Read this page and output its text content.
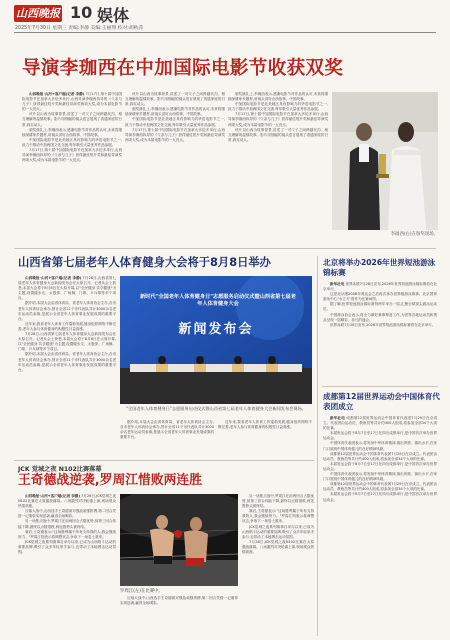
山西晚报 10 娱体
2025年7月30日 星期三 责编:李静 美编:王丽翔 校对:胡秋萍
导演李珈西在中加国际电影节收获双奖

山西晚报·山河+客户端(记者 李静) 7月17日,第十届中加国际电影节在加拿大多伦多举行,山西导演李珈西执导的《父亲与儿子》获得最佳短片奖和最佳导演奖两项大奖,成为本届电影节的一大亮点。

该片以山西为故事背景,讲述了一对父子之间跨越代沟、相互理解的温情故事。影片用细腻的镜头语言展现了普通家庭的日常,真实动人。

颁奖典礼上,李珈西表示,感谢电影节对作品的认可,未来将继续深耕家乡题材,用镜头讲好山西故事、中国故事。

中加国际电影节是北美地区具有影响力的华语电影节之一,致力于推动中加两国文化交流,每年吸引大量优秀作品参展。

7月17日,第十届中加国际电影节在加拿大多伦多举行,山西导演李珈西执导的《父亲与儿子》获得最佳短片奖和最佳导演奖两项大奖,成为本届电影节的一大亮点。

该片以山西为故事背景,讲述了一对父子之间跨越代沟、相互理解的温情故事。影片用细腻的镜头语言展现了普通家庭的日常,真实动人。

颁奖典礼上,李珈西表示,感谢电影节对作品的认可,未来将继续深耕家乡题材,用镜头讲好山西故事、中国故事。

中加国际电影节是北美地区具有影响力的华语电影节之一,致力于推动中加两国文化交流,每年吸引大量优秀作品参展。

7月17日,第十届中加国际电影节在加拿大多伦多举行,山西导演李珈西执导的《父亲与儿子》获得最佳短片奖和最佳导演奖两项大奖,成为本届电影节的一大亮点。

颁奖典礼上,李珈西表示,感谢电影节对作品的认可,未来将继续深耕家乡题材,用镜头讲好山西故事、中国故事。

中加国际电影节是北美地区具有影响力的华语电影节之一,致力于推动中加两国文化交流,每年吸引大量优秀作品参展。

7月17日,第十届中加国际电影节在加拿大多伦多举行,山西导演李珈西执导的《父亲与儿子》获得最佳短片奖和最佳导演奖两项大奖,成为本届电影节的一大亮点。

该片以山西为故事背景,讲述了一对父子之间跨越代沟、相互理解的温情故事。影片用细腻的镜头语言展现了普通家庭的日常,真实动人。

李珈西(右)在颁奖现场。
山西省第七届老年人体育健身大会将于8月8日举办

山西晚报·山河+客户端(记者 李静) 7月28日,山西省第七届老年人体育健身大会新闻发布会在太原召开。记者从会上获悉,本届大会将于8月8日在太原开幕,以"全民健身 共享健康"为主题,设置健步走、太极拳、广场舞、门球、乒乓球等多个项目。

据介绍,本届大会由省体育局、省老年人体育协会主办,各市老年人体育协会承办,预计全省11个市代表队共计3000余名老年运动员参赛,是展示全省老年人体育事业发展成果的重要平台。

近年来,我省老年人体育工作蓬勃发展,健身组织网络不断完善,老年人参与体育健身的积极性日益高涨。

7月28日,山西省第七届老年人体育健身大会新闻发布会在太原召开。记者从会上获悉,本届大会将于8月8日在太原开幕,以"全民健身 共享健康"为主题,设置健步走、太极拳、广场舞、门球、乒乓球等多个项目。

据介绍,本届大会由省体育局、省老年人体育协会主办,各市老年人体育协会承办,预计全省11个市代表队共计3000余名老年运动员参赛,是展示全省老年人体育事业发展成果的重要平台。

新时代"全国老年人体育健身日"志愿服务启动仪式暨山西省第七届老年人体育健身大会
新闻发布会
"全国老年人体育健身日"志愿服务启动仪式暨山西省第七届老年人体育健身大会新闻发布会现场。

据介绍,本届大会由省体育局、省老年人体育协会主办,各市老年人体育协会承办,预计全省11个市代表队共计3000余名老年运动员参赛,是展示全省老年人体育事业发展成果的重要平台。

近年来,我省老年人体育工作蓬勃发展,健身组织网络不断完善,老年人参与体育健身的积极性日益高涨。

北京将举办2026年世界短池游泳锦标赛

新华社电 世界泳联7月28日宣布,2026年世界短池游泳锦标赛将在北京举行。

这是北京继2008年奥运会之后再次承办世界级游泳赛事。北京国家游泳中心"水立方"将作为比赛场馆。

据了解,世界短池游泳锦标赛每两年举办一届,汇聚全球顶尖游泳运动员。

中国游泳协会表示,将全力做好赛事筹备工作,为世界各地运动员和观众呈现一届精彩、非凡的盛会。

世界泳联7月28日宣布,2026年世界短池游泳锦标赛将在北京举行。

成都第12届世界运动会中国体育代表团成立

新华社电 成都第12届世界运动会中国体育代表团7月29日在京成立。代表团由运动员、教练员等共计约400人组成,将参加全部34个大项的比赛。

本届世运会将于8月7日至17日在四川成都举行,是中国首次举办世界运动会。

中国体育代表团表示,将发扬中华体育精神,赛出风格、赛出水平,在家门口展现中国体育健儿的良好精神风貌。

成都第12届世界运动会中国体育代表团7月29日在京成立。代表团由运动员、教练员等共计约400人组成,将参加全部34个大项的比赛。

本届世运会将于8月7日至17日在四川成都举行,是中国首次举办世界运动会。

中国体育代表团表示,将发扬中华体育精神,赛出风格、赛出水平,在家门口展现中国体育健儿的良好精神风貌。

成都第12届世界运动会中国体育代表团7月29日在京成立。代表团由运动员、教练员等共计约400人组成,将参加全部34个大项的比赛。

本届世运会将于8月7日至17日在四川成都举行,是中国首次举办世界运动会。

JCK 觉城之夜 N102比赛落幕
王奇德战逆袭,罗周江惜败两连胜

山西晚报·山河+客户端(记者 李静) 7月26日,JCK觉城之夜N102比赛在太原激战落幕。八场激烈对决轮番上演,现场观众热情高涨。

压轴大战中,山西选手王奇德面对强敌顽强拼搏,第二回合凭借一记重拳实现逆袭,赢得全场喝彩。

另一场焦点战中,罗周江在前两回合占据优势,但第三回合体能下降,最终以点数惜败,两连胜势头被终结。

赛后,王奇德表示:"这场胜利属于所有支持我的人,我会继续努力。"罗周江则表示将调整状态,争取下一场卷土重来。

JCK觉城之夜系列赛事自举办以来,已成为山西格斗运动的重要品牌,吸引了众多年轻拳手参与,也带动了本地搏击运动氛围。

罗周江(左)在比赛中。

另一场焦点战中,罗周江在前两回合占据优势,但第三回合体能下降,最终以点数惜败,两连胜势头被终结。

赛后,王奇德表示:"这场胜利属于所有支持我的人,我会继续努力。"罗周江则表示将调整状态,争取下一场卷土重来。

JCK觉城之夜系列赛事自举办以来,已成为山西格斗运动的重要品牌,吸引了众多年轻拳手参与,也带动了本地搏击运动氛围。

7月26日,JCK觉城之夜N102比赛在太原激战落幕。八场激烈对决轮番上演,现场观众热情高涨。

压轴大战中,山西选手王奇德面对强敌顽强拼搏,第二回合凭借一记重拳实现逆袭,赢得全场喝彩。
